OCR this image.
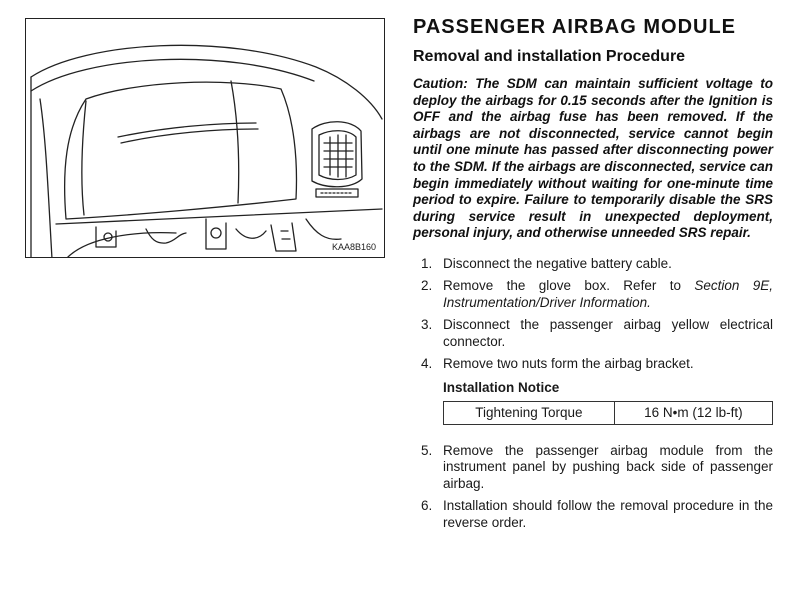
KAA8B160
PASSENGER AIRBAG MODULE
Removal and installation Procedure

Caution: The SDM can maintain sufficient voltage to deploy the airbags for 0.15 seconds after the Ignition is OFF and the airbag fuse has been removed. If the airbags are not disconnected, service cannot begin until one minute has passed after disconnecting power to the SDM. If the airbags are disconnected, service can begin immediately without waiting for one-minute time period to expire. Failure to temporarily disable the SRS during service result in unexpected deployment, personal injury, and otherwise unneeded SRS repair.

1. Disconnect the negative battery cable.
2. Remove the glove box. Refer to Section 9E, Instrumentation/Driver Information.
3. Disconnect the passenger airbag yellow electrical connector.
4. Remove two nuts form the airbag bracket.
Installation Notice
Tightening Torque	16 N•m (12 lb-ft)
5. Remove the passenger airbag module from the instrument panel by pushing back side of passenger airbag.
6. Installation should follow the removal procedure in the reverse order.
